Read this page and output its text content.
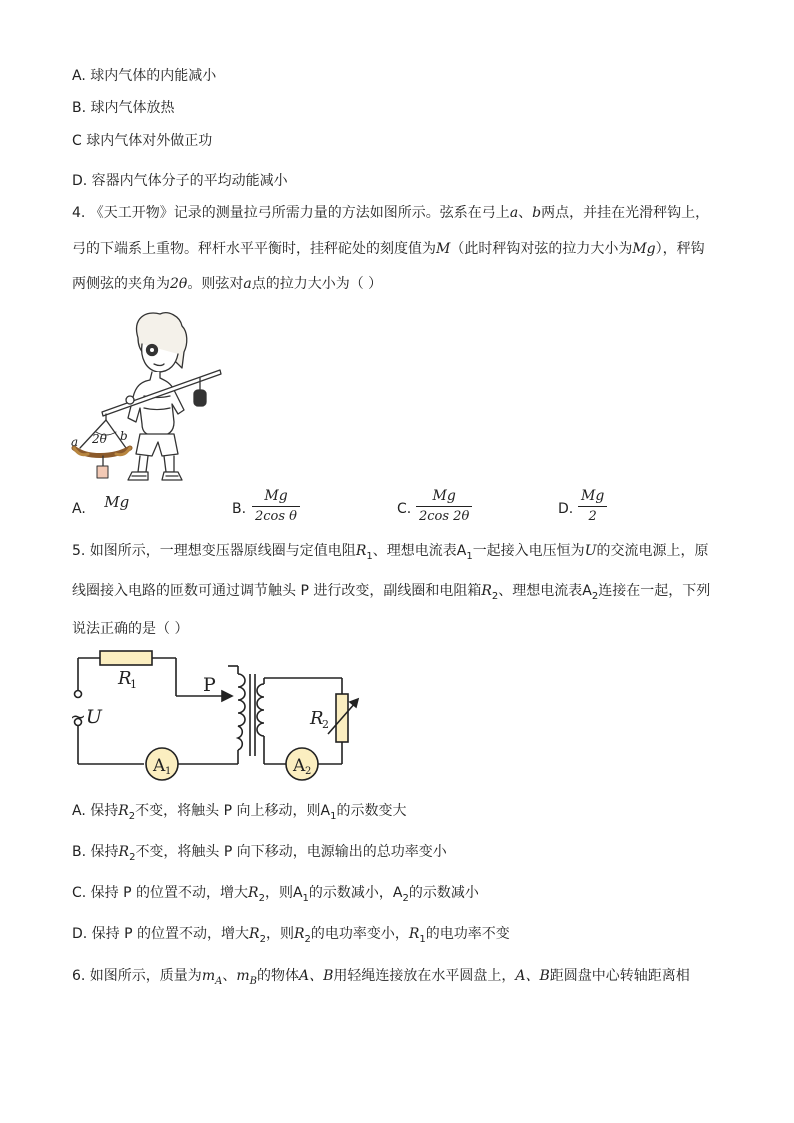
A. 球内气体的内能减小
B. 球内气体放热
C 球内气体对外做正功
D. 容器内气体分子的平均动能减小
4. 《天工开物》记录的测量拉弓所需力量的方法如图所示。弦系在弓上a、b两点，并挂在光滑秤钩上，
弓的下端系上重物。秤杆水平平衡时，挂秤砣处的刻度值为M（此时秤钩对弦的拉力大小为Mg），秤钩
两侧弦的夹角为2θ。则弦对a点的拉力大小为（ ）
a	b
2θ
A. Mg	B. $\frac{Mg}{\text{2cos θ}}$	C. $\frac{Mg}{2\cos 2\theta}$	D. $\frac{Mg}{2}$
5. 如图所示，一理想变压器原线圈与定值电阻$R_1$、理想电流表$A_1$一起接入电压恒为U的交流电源上，原
线圈接入电路的匝数可通过调节触头 P 进行改变，副线圈和电阻箱$R_2$、理想电流表$A_2$连接在一起，下列
说法正确的是（ ）
R
1
R
2
P
~U
A 1	A 2
A. 保持$R_2$不变，将触头 P 向上移动，则$A_1$的示数变大
B. 保持$R_2$不变，将触头 P 向下移动，电源输出的总功率变小
C. 保持 P 的位置不动，增大$R_2$，则$A_1$的示数减小，$A_2$的示数减小
D. 保持 P 的位置不动，增大$R_2$，则$R_2$的电功率变小，$R_1$的电功率不变
6. 如图所示，质量为$m_A$、$m_B$的物体A、B用轻绳连接放在水平圆盘上，A、B距圆盘中心转轴距离相
